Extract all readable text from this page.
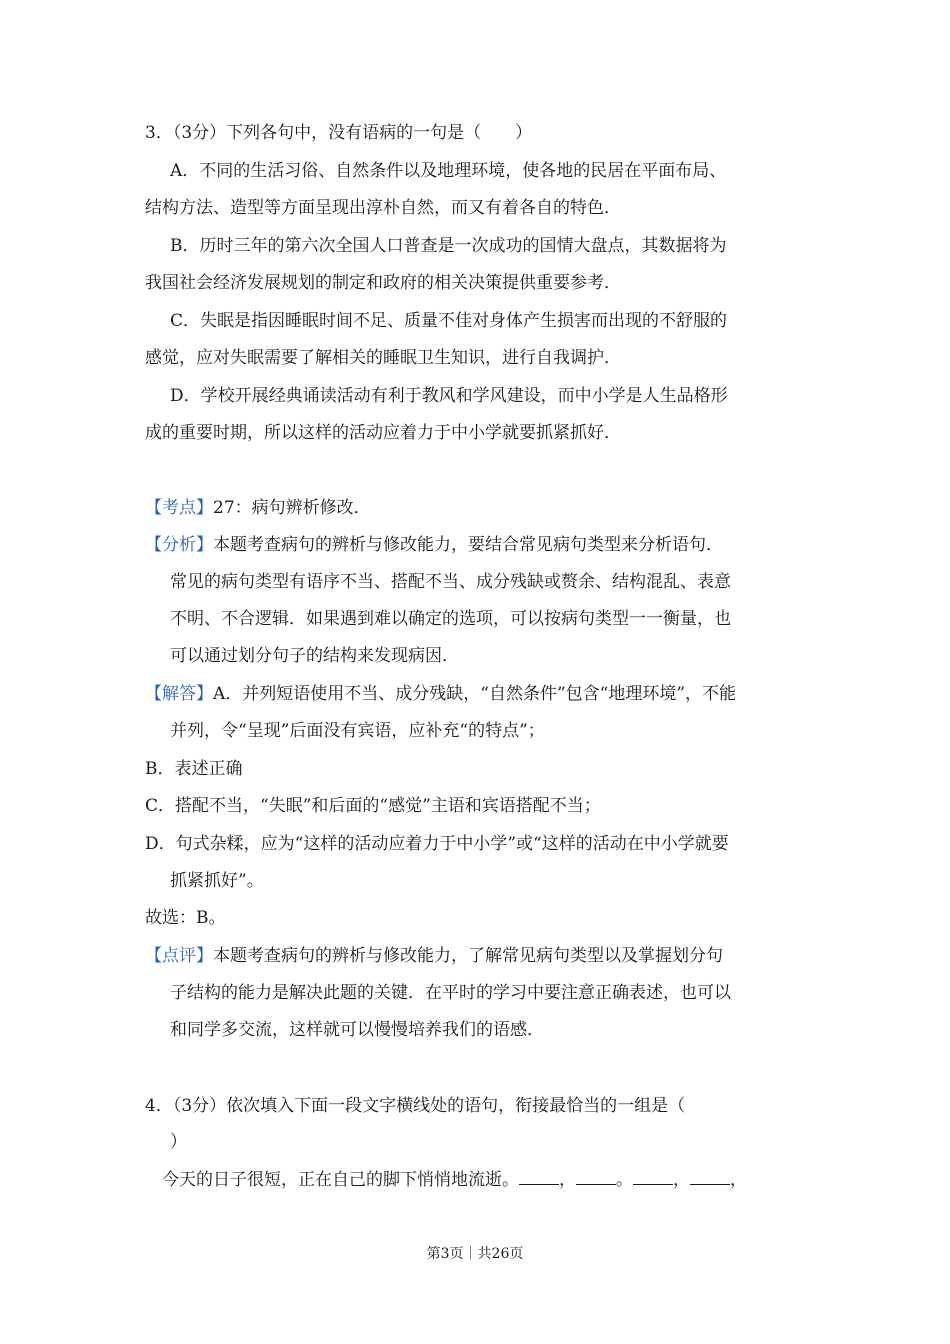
3．（3分）下列各句中，没有语病的一句是（　　）
A．不同的生活习俗、自然条件以及地理环境，使各地的民居在平面布局、
结构方法、造型等方面呈现出淳朴自然，而又有着各自的特色．
B．历时三年的第六次全国人口普查是一次成功的国情大盘点，其数据将为
我国社会经济发展规划的制定和政府的相关决策提供重要参考．
C．失眠是指因睡眠时间不足、质量不佳对身体产生损害而出现的不舒服的
感觉，应对失眠需要了解相关的睡眠卫生知识，进行自我调护．
D．学校开展经典诵读活动有利于教风和学风建设，而中小学是人生品格形
成的重要时期，所以这样的活动应着力于中小学就要抓紧抓好．
【考点】27：病句辨析修改．
【分析】本题考查病句的辨析与修改能力，要结合常见病句类型来分析语句．
常见的病句类型有语序不当、搭配不当、成分残缺或赘余、结构混乱、表意
不明、不合逻辑．如果遇到难以确定的选项，可以按病句类型一一衡量，也
可以通过划分句子的结构来发现病因．
【解答】A．并列短语使用不当、成分残缺，“自然条件”包含“地理环境”，不能
并列，令“呈现”后面没有宾语，应补充“的特点”；
B．表述正确
C．搭配不当，“失眠”和后面的“感觉”主语和宾语搭配不当；
D．句式杂糅，应为“这样的活动应着力于中小学”或“这样的活动在中小学就要
抓紧抓好”。
故选：B。
【点评】本题考查病句的辨析与修改能力，了解常见病句类型以及掌握划分句
子结构的能力是解决此题的关键．在平时的学习中要注意正确表述，也可以
和同学多交流，这样就可以慢慢培养我们的语感．
4．（3分）依次填入下面一段文字横线处的语句，衔接最恰当的一组是（
）
今天的日子很短，正在自己的脚下悄悄地流逝。 ， 。 ， ，
第3页｜共26页
